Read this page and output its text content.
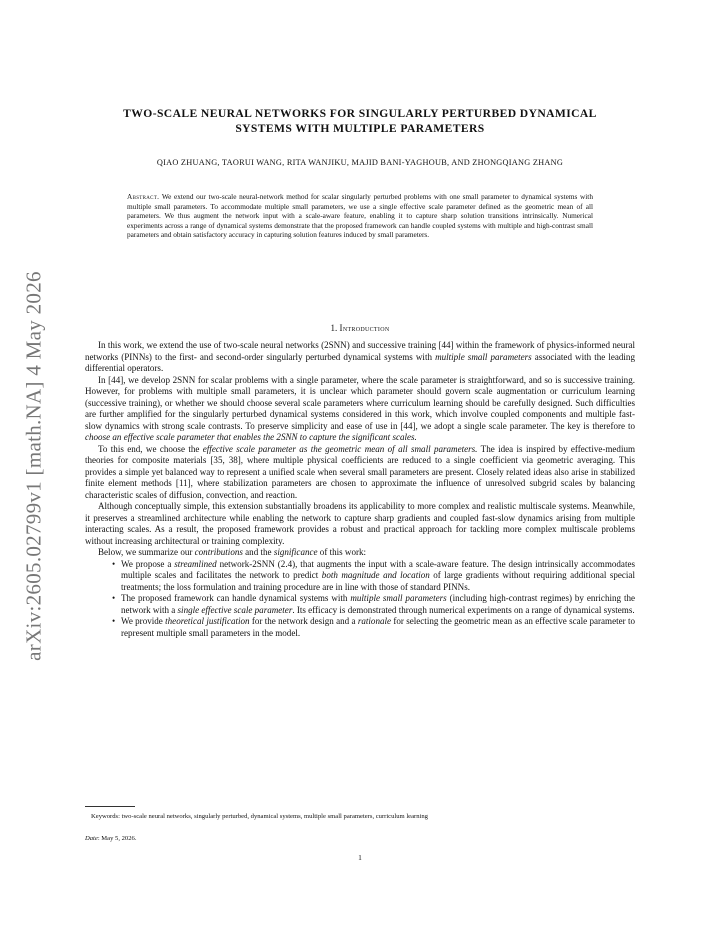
arXiv:2605.02799v1 [math.NA] 4 May 2026
TWO-SCALE NEURAL NETWORKS FOR SINGULARLY PERTURBED DYNAMICAL
SYSTEMS WITH MULTIPLE PARAMETERS
QIAO ZHUANG, TAORUI WANG, RITA WANJIKU, MAJID BANI-YAGHOUB, AND ZHONGQIANG ZHANG
Abstract. We extend our two-scale neural-network method for scalar singularly perturbed problems with one small parameter to dynamical systems with multiple small parameters. To accommodate multiple small parameters, we use a single effective scale parameter defined as the geometric mean of all parameters. We thus augment the network input with a scale-aware feature, enabling it to capture sharp solution transitions intrinsically. Numerical experiments across a range of dynamical systems demonstrate that the proposed framework can handle coupled systems with multiple and high-contrast small parameters and obtain satisfactory accuracy in capturing solution features induced by small parameters.
1. Introduction

In this work, we extend the use of two-scale neural networks (2SNN) and successive training [44] within the framework of physics-informed neural networks (PINNs) to the first- and second-order singularly perturbed dynamical systems with multiple small parameters associated with the leading differential operators.

In [44], we develop 2SNN for scalar problems with a single parameter, where the scale parameter is straightforward, and so is successive training. However, for problems with multiple small parameters, it is unclear which parameter should govern scale augmentation or curriculum learning (successive training), or whether we should choose several scale parameters where curriculum learning should be carefully designed. Such difficulties are further amplified for the singularly perturbed dynamical systems considered in this work, which involve coupled components and multiple fast-slow dynamics with strong scale contrasts. To preserve simplicity and ease of use in [44], we adopt a single scale parameter. The key is therefore to choose an effective scale parameter that enables the 2SNN to capture the significant scales.

To this end, we choose the effective scale parameter as the geometric mean of all small parameters. The idea is inspired by effective-medium theories for composite materials [35, 38], where multiple physical coefficients are reduced to a single coefficient via geometric averaging. This provides a simple yet balanced way to represent a unified scale when several small parameters are present. Closely related ideas also arise in stabilized finite element methods [11], where stabilization parameters are chosen to approximate the influence of unresolved subgrid scales by balancing characteristic scales of diffusion, convection, and reaction.

Although conceptually simple, this extension substantially broadens its applicability to more complex and realistic multiscale systems. Meanwhile, it preserves a streamlined architecture while enabling the network to capture sharp gradients and coupled fast-slow dynamics arising from multiple interacting scales. As a result, the proposed framework provides a robust and practical approach for tackling more complex multiscale problems without increasing architectural or training complexity.

Below, we summarize our contributions and the significance of this work:

• We propose a streamlined network-2SNN (2.4), that augments the input with a scale-aware feature. The design intrinsically accommodates multiple scales and facilitates the network to predict both magnitude and location of large gradients without requiring additional special treatments; the loss formulation and training procedure are in line with those of standard PINNs.
• The proposed framework can handle dynamical systems with multiple small parameters (including high-contrast regimes) by enriching the network with a single effective scale parameter. Its efficacy is demonstrated through numerical experiments on a range of dynamical systems.
• We provide theoretical justification for the network design and a rationale for selecting the geometric mean as an effective scale parameter to represent multiple small parameters in the model.
Keywords: two-scale neural networks, singularly perturbed, dynamical systems, multiple small parameters, curriculum learning
Date: May 5, 2026.
1
